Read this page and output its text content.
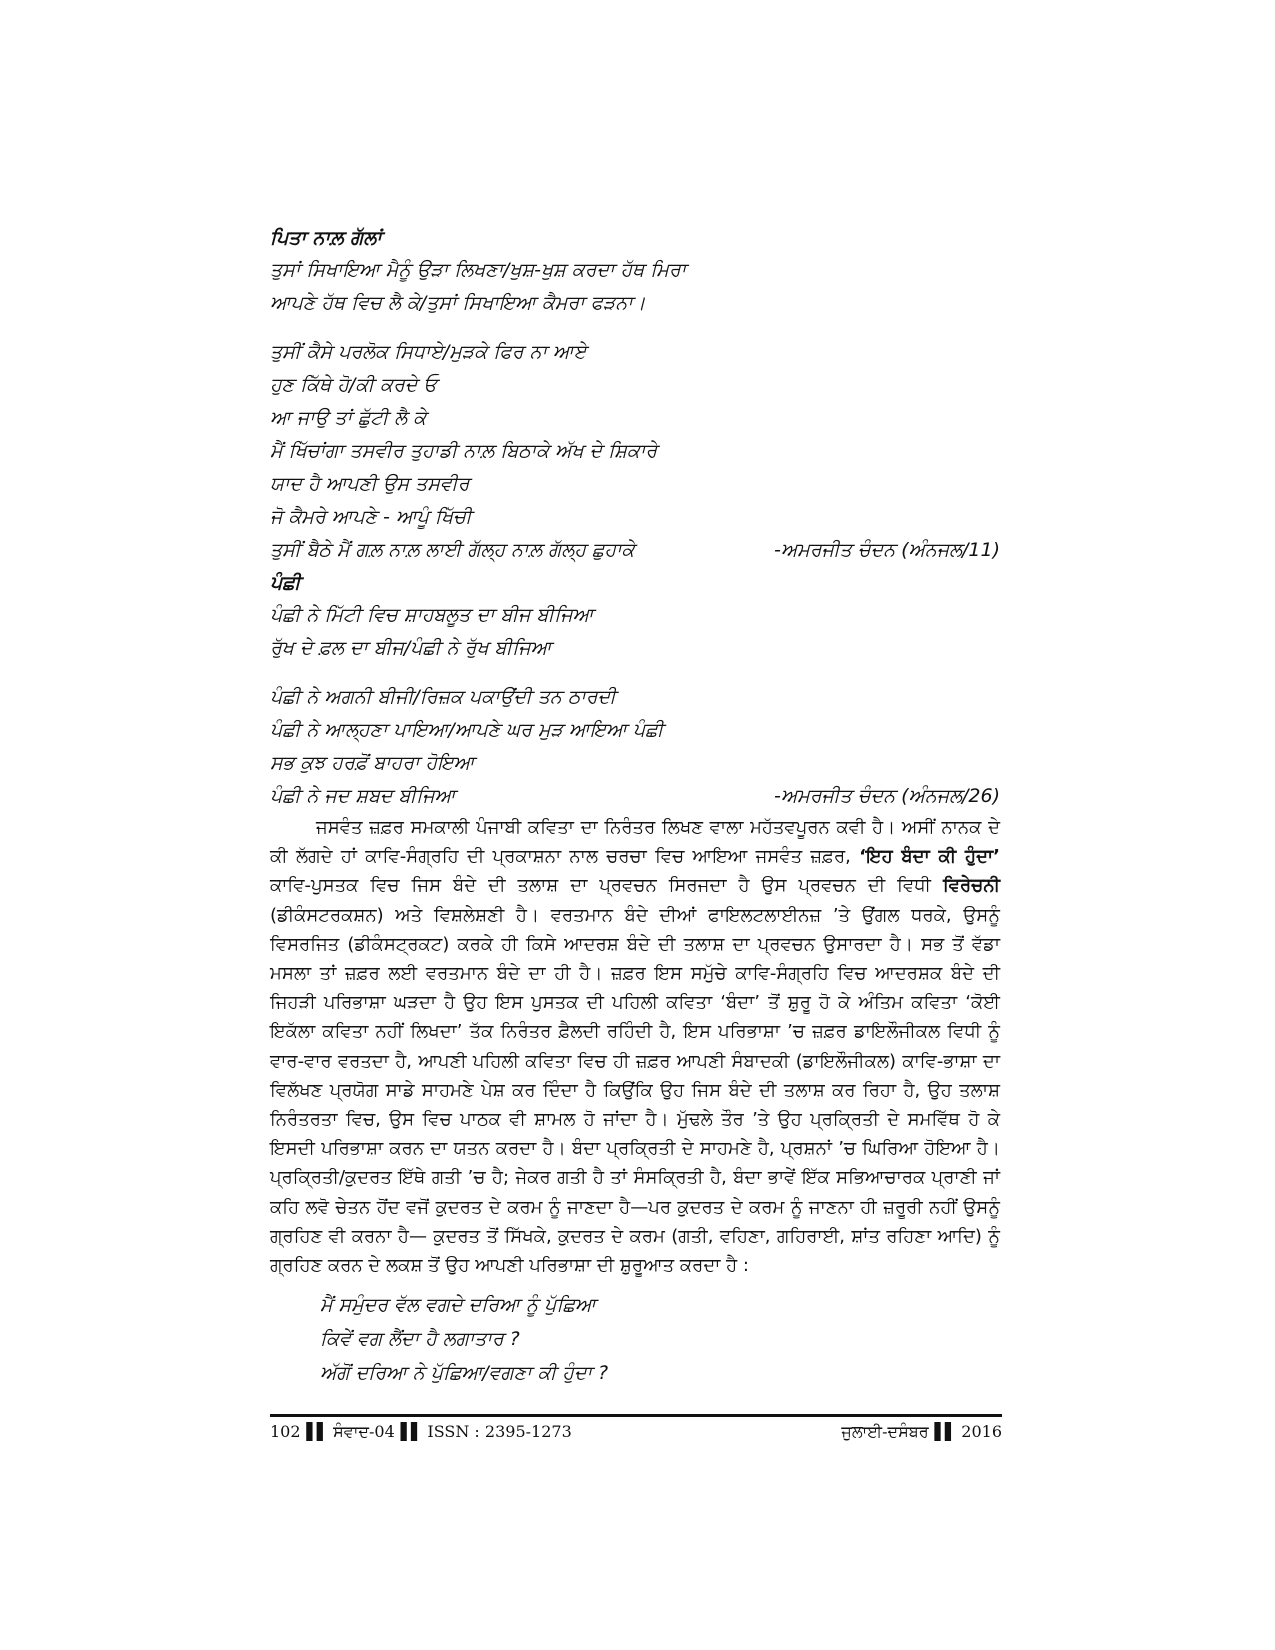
ਪਿਤਾ ਨਾਲ਼ ਗੱਲਾਂ

ਤੁਸਾਂ ਸਿਖਾਇਆ ਮੈਨੂੰ ਉੜਾ ਲਿਖਣਾ/ਖੁਸ਼-ਖੁਸ਼ ਕਰਦਾ ਹੱਥ ਮਿਰਾ

ਆਪਣੇ ਹੱਥ ਵਿਚ ਲੈ ਕੇ/ਤੁਸਾਂ ਸਿਖਾਇਆ ਕੈਮਰਾ ਫੜਨਾ।

ਤੁਸੀਂ ਕੈਸੇ ਪਰਲੋਕ ਸਿਧਾਏ/ਮੁੜਕੇ ਫਿਰ ਨਾ ਆਏ

ਹੁਣ ਕਿੱਥੇ ਹੋ/ਕੀ ਕਰਦੇ ਓ

ਆ ਜਾਉ ਤਾਂ ਛੁੱਟੀ ਲੈ ਕੇ

ਮੈਂ ਖਿੱਚਾਂਗਾ ਤਸਵੀਰ ਤੁਹਾਡੀ ਨਾਲ਼ ਬਿਠਾਕੇ ਅੱਖ ਦੇ ਸ਼ਿਕਾਰੇ

ਯਾਦ ਹੈ ਆਪਣੀ ਉਸ ਤਸਵੀਰ

ਜੋ ਕੈਮਰੇ ਆਪਣੇ - ਆਪੂੰ ਖਿੱਚੀ

ਤੁਸੀਂ ਬੈਠੇ ਮੈਂ ਗਲ਼ ਨਾਲ਼ ਲਾਈ ਗੱਲ੍ਹ ਨਾਲ਼ ਗੱਲ੍ਹ ਛੁਹਾਕੇ	-ਅਮਰਜੀਤ ਚੰਦਨ (ਅੰਨਜਲ/11)

ਪੰਛੀ

ਪੰਛੀ ਨੇ ਮਿੱਟੀ ਵਿਚ ਸ਼ਾਹਬਲੂਤ ਦਾ ਬੀਜ ਬੀਜਿਆ

ਰੁੱਖ ਦੇ ਫ਼ਲ ਦਾ ਬੀਜ/ਪੰਛੀ ਨੇ ਰੁੱਖ ਬੀਜਿਆ

ਪੰਛੀ ਨੇ ਅਗਨੀ ਬੀਜੀ/ਰਿਜ਼ਕ ਪਕਾਉਂਦੀ ਤਨ ਠਾਰਦੀ

ਪੰਛੀ ਨੇ ਆਲ੍ਹਣਾ ਪਾਇਆ/ਆਪਣੇ ਘਰ ਮੁੜ ਆਇਆ ਪੰਛੀ

ਸਭ ਕੁਝ ਹਰਫ਼ੋਂ ਬਾਹਰਾ ਹੋਇਆ

ਪੰਛੀ ਨੇ ਜਦ ਸ਼ਬਦ ਬੀਜਿਆ	-ਅਮਰਜੀਤ ਚੰਦਨ (ਅੰਨਜਲ/26)

ਜਸਵੰਤ ਜ਼ਫ਼ਰ ਸਮਕਾਲੀ ਪੰਜਾਬੀ ਕਵਿਤਾ ਦਾ ਨਿਰੰਤਰ ਲਿਖਣ ਵਾਲਾ ਮਹੱਤਵਪੂਰਨ ਕਵੀ ਹੈ। ਅਸੀਂ ਨਾਨਕ ਦੇ ਕੀ ਲੱਗਦੇ ਹਾਂ ਕਾਵਿ-ਸੰਗ੍ਰਹਿ ਦੀ ਪ੍ਰਕਾਸ਼ਨਾ ਨਾਲ ਚਰਚਾ ਵਿਚ ਆਇਆ ਜਸਵੰਤ ਜ਼ਫ਼ਰ, ‘ਇਹ ਬੰਦਾ ਕੀ ਹੁੰਦਾ’ ਕਾਵਿ-ਪੁਸਤਕ ਵਿਚ ਜਿਸ ਬੰਦੇ ਦੀ ਤਲਾਸ਼ ਦਾ ਪ੍ਰਵਚਨ ਸਿਰਜਦਾ ਹੈ ਉਸ ਪ੍ਰਵਚਨ ਦੀ ਵਿਧੀ ਵਿਰੇਚਨੀ (ਡੀਕੰਸਟਰਕਸ਼ਨ) ਅਤੇ ਵਿਸ਼ਲੇਸ਼ਣੀ ਹੈ। ਵਰਤਮਾਨ ਬੰਦੇ ਦੀਆਂ ਫਾਇਲਟਲਾਈਨਜ਼ ’ਤੇ ਉਂਗਲ ਧਰਕੇ, ਉਸਨੂੰ ਵਿਸਰਜਿਤ (ਡੀਕੰਸਟ੍ਰਕਟ) ਕਰਕੇ ਹੀ ਕਿਸੇ ਆਦਰਸ਼ ਬੰਦੇ ਦੀ ਤਲਾਸ਼ ਦਾ ਪ੍ਰਵਚਨ ਉਸਾਰਦਾ ਹੈ। ਸਭ ਤੋਂ ਵੱਡਾ ਮਸਲਾ ਤਾਂ ਜ਼ਫ਼ਰ ਲਈ ਵਰਤਮਾਨ ਬੰਦੇ ਦਾ ਹੀ ਹੈ। ਜ਼ਫ਼ਰ ਇਸ ਸਮੁੱਚੇ ਕਾਵਿ-ਸੰਗ੍ਰਹਿ ਵਿਚ ਆਦਰਸ਼ਕ ਬੰਦੇ ਦੀ ਜਿਹੜੀ ਪਰਿਭਾਸ਼ਾ ਘੜਦਾ ਹੈ ਉਹ ਇਸ ਪੁਸਤਕ ਦੀ ਪਹਿਲੀ ਕਵਿਤਾ ‘ਬੰਦਾ’ ਤੋਂ ਸ਼ੁਰੂ ਹੋ ਕੇ ਅੰਤਿਮ ਕਵਿਤਾ ‘ਕੋਈ ਇਕੱਲਾ ਕਵਿਤਾ ਨਹੀਂ ਲਿਖਦਾ’ ਤੱਕ ਨਿਰੰਤਰ ਫ਼ੈਲਦੀ ਰਹਿੰਦੀ ਹੈ, ਇਸ ਪਰਿਭਾਸ਼ਾ ’ਚ ਜ਼ਫ਼ਰ ਡਾਇਲੌਜੀਕਲ ਵਿਧੀ ਨੂੰ ਵਾਰ-ਵਾਰ ਵਰਤਦਾ ਹੈ, ਆਪਣੀ ਪਹਿਲੀ ਕਵਿਤਾ ਵਿਚ ਹੀ ਜ਼ਫ਼ਰ ਆਪਣੀ ਸੰਬਾਦਕੀ (ਡਾਇਲੌਜੀਕਲ) ਕਾਵਿ-ਭਾਸ਼ਾ ਦਾ ਵਿਲੱਖਣ ਪ੍ਰਯੋਗ ਸਾਡੇ ਸਾਹਮਣੇ ਪੇਸ਼ ਕਰ ਦਿੰਦਾ ਹੈ ਕਿਉਂਕਿ ਉਹ ਜਿਸ ਬੰਦੇ ਦੀ ਤਲਾਸ਼ ਕਰ ਰਿਹਾ ਹੈ, ਉਹ ਤਲਾਸ਼ ਨਿਰੰਤਰਤਾ ਵਿਚ, ਉਸ ਵਿਚ ਪਾਠਕ ਵੀ ਸ਼ਾਮਲ ਹੋ ਜਾਂਦਾ ਹੈ। ਮੁੱਢਲੇ ਤੌਰ ’ਤੇ ਉਹ ਪ੍ਰਕ੍ਰਿਤੀ ਦੇ ਸਮਵਿੱਥ ਹੋ ਕੇ ਇਸਦੀ ਪਰਿਭਾਸ਼ਾ ਕਰਨ ਦਾ ਯਤਨ ਕਰਦਾ ਹੈ। ਬੰਦਾ ਪ੍ਰਕ੍ਰਿਤੀ ਦੇ ਸਾਹਮਣੇ ਹੈ, ਪ੍ਰਸ਼ਨਾਂ ’ਚ ਘਿਰਿਆ ਹੋਇਆ ਹੈ। ਪ੍ਰਕ੍ਰਿਤੀ/ਕੁਦਰਤ ਇੱਥੇ ਗਤੀ ’ਚ ਹੈ; ਜੇਕਰ ਗਤੀ ਹੈ ਤਾਂ ਸੰਸਕ੍ਰਿਤੀ ਹੈ, ਬੰਦਾ ਭਾਵੇਂ ਇੱਕ ਸਭਿਆਚਾਰਕ ਪ੍ਰਾਣੀ ਜਾਂ ਕਹਿ ਲਵੋ ਚੇਤਨ ਹੋਂਦ ਵਜੋਂ ਕੁਦਰਤ ਦੇ ਕਰਮ ਨੂੰ ਜਾਣਦਾ ਹੈ—ਪਰ ਕੁਦਰਤ ਦੇ ਕਰਮ ਨੂੰ ਜਾਣਨਾ ਹੀ ਜ਼ਰੂਰੀ ਨਹੀਂ ਉਸਨੂੰ ਗ੍ਰਹਿਣ ਵੀ ਕਰਨਾ ਹੈ— ਕੁਦਰਤ ਤੋਂ ਸਿੱਖਕੇ, ਕੁਦਰਤ ਦੇ ਕਰਮ (ਗਤੀ, ਵਹਿਣਾ, ਗਹਿਰਾਈ, ਸ਼ਾਂਤ ਰਹਿਣਾ ਆਦਿ) ਨੂੰ ਗ੍ਰਹਿਣ ਕਰਨ ਦੇ ਲਕਸ਼ ਤੋਂ ਉਹ ਆਪਣੀ ਪਰਿਭਾਸ਼ਾ ਦੀ ਸ਼ੁਰੂਆਤ ਕਰਦਾ ਹੈ :

ਮੈਂ ਸਮੁੰਦਰ ਵੱਲ ਵਗਦੇ ਦਰਿਆ ਨੂੰ ਪੁੱਛਿਆ

ਕਿਵੇਂ ਵਗ ਲੈਂਦਾ ਹੈ ਲਗਾਤਾਰ ?

ਅੱਗੋਂ ਦਰਿਆ ਨੇ ਪੁੱਛਿਆ/ਵਗਣਾ ਕੀ ਹੁੰਦਾ ?

102 ▌▌ ਸੰਵਾਦ-04 ▌▌ ISSN : 2395-1273	ਜੁਲਾਈ-ਦਸੰਬਰ ▌▌ 2016
